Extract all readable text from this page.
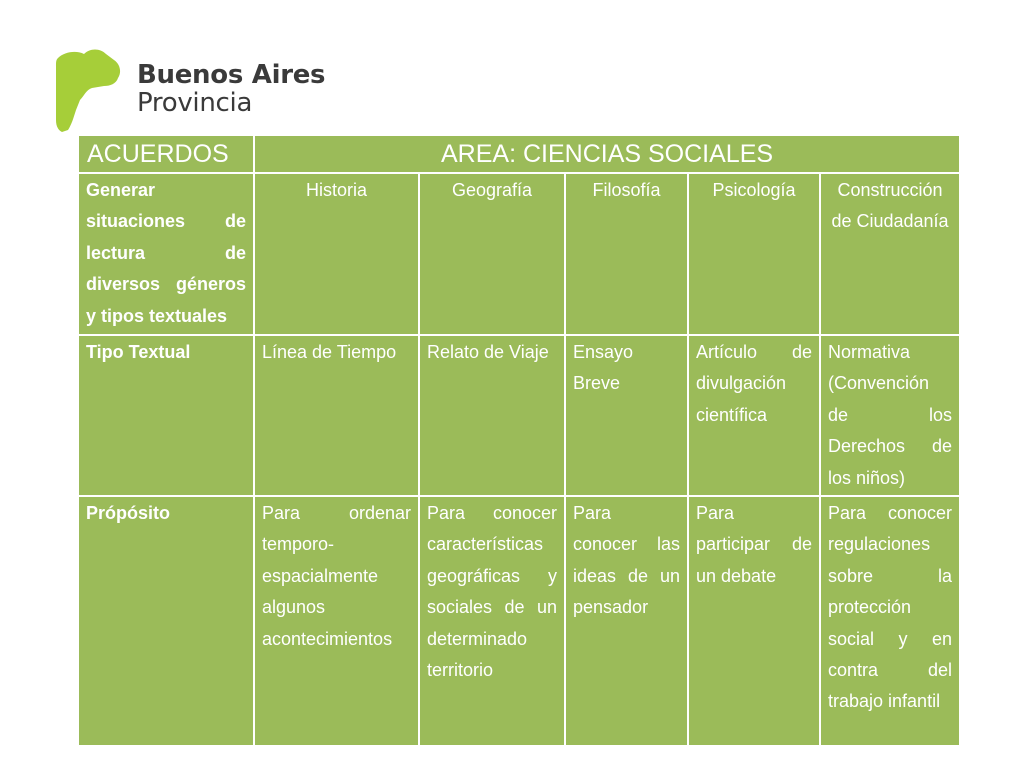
Buenos Aires
Provincia
ACUERDOS	AREA: CIENCIAS SOCIALES				
Generar situaciones de lectura de diversos géneros y tipos textuales	Historia	Geografía	Filosofía	Psicología	Construcción de Ciudadanía
Tipo Textual	Línea de Tiempo	Relato de Viaje	Ensayo Breve	Artículo de divulgación científica	Normativa (Convención de los Derechos de los niños)
Própósito	Para ordenar temporo-espacialmente algunos acontecimientos	Para conocer características geográficas y sociales de un determinado territorio	Para conocer las ideas de un pensador	Para participar de un debate	Para conocer regulaciones sobre la protección social y en contra del trabajo infantil
